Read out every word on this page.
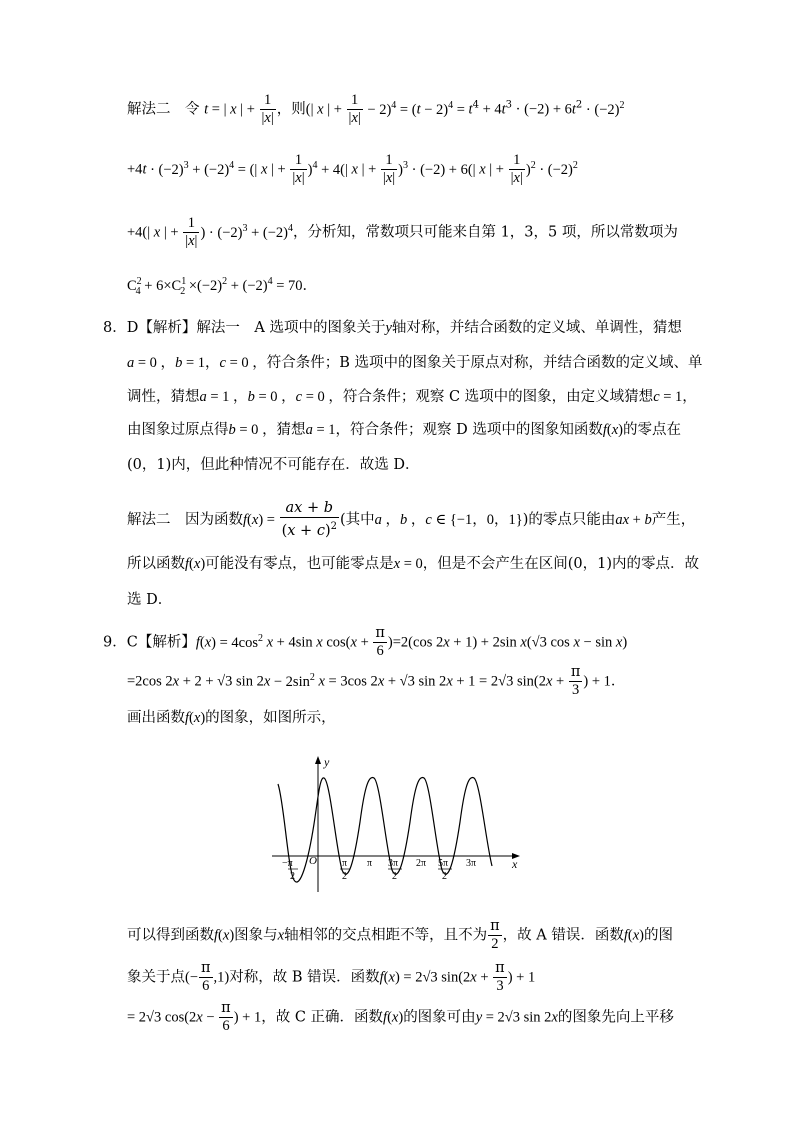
解法二　令 t = | x | + $\frac{1}{|x|}$ ，则(| x | + $\frac{1}{|x|} - 2)^4 = (t - 2)^4 = t^4 + 4t^3 \cdot (-2) + 6t^2 \cdot (-2)^2$
$+4t \cdot (-2)^3 + (-2)^4$ = (| x | + $\frac{1}{|x|} )^4 + 4(|$ x | + $\frac{1}{|x|} )^3 \cdot (-2) + 6(|$ x | + $\frac{1}{|x|} )^2 \cdot (-2)^2$
+4(| x | + $\frac{1}{|x|}$ ) · $(-2)^3 + (-2)^4$，分析知，常数项只可能来自第 1，3，5 项，所以常数项为
$C^2_4 + 6\times C^1_2 \times(-2)^2 + (-2)^4 = 70$．
8．D【解析】解法一　A 选项中的图象关于y轴对称，并结合函数的定义域、单调性，猜想
a = 0 ，b = 1，c = 0 ，符合条件；B 选项中的图象关于原点对称，并结合函数的定义域、单
调性，猜想a = 1 ，b = 0 ，c = 0 ，符合条件；观察 C 选项中的图象，由定义域猜想c = 1，
由图象过原点得b = 0 ，猜想a = 1，符合条件；观察 D 选项中的图象知函数f(x)的零点在
(0，1)内，但此种情况不可能存在．故选 D．
解法二　因为函数$f(x) = \frac{ax + b}{(x + c)^2}$ (其中a ，b ，c ∈ {−1，0，1})的零点只能由ax + b产生，
所以函数f(x)可能没有零点，也可能零点是x = 0，但是不会产生在区间(0，1)内的零点．故
选 D．
9．C【解析】$f(x) = 4\cos^2$ x + 4sin x $\cos(x + \frac{\pi}{6} )=2(\cos$ 2x + 1) + 2sin x(√3 cos x − sin x)
=2cos 2x + 2 + √3 $\sin 2x - 2\sin^2$ x = 3cos 2x + √3 sin 2x + 1 = 2√3 $\sin(2x + \frac{\pi}{3}$ ) + 1．
画出函数f(x)的图象，如图所示，
y
x
O
−π
2
π
2
π 3π
2
2π 5π
2
3π
可以得到函数f(x)图象与x轴相邻的交点相距不等，且不为 $\frac{\pi}{2}$ ，故 A 错误．函数f(x)的图
象关于点(− $\frac{\pi}{6} ,1$)对称，故 B 错误．函数f(x) = 2√3 $\sin(2x + \frac{\pi}{3}$ ) + 1
= 2√3 $\cos(2x - \frac{\pi}{6}$ ) + 1，故 C 正确．函数f(x)的图象可由y = 2√3 sin 2x的图象先向上平移
